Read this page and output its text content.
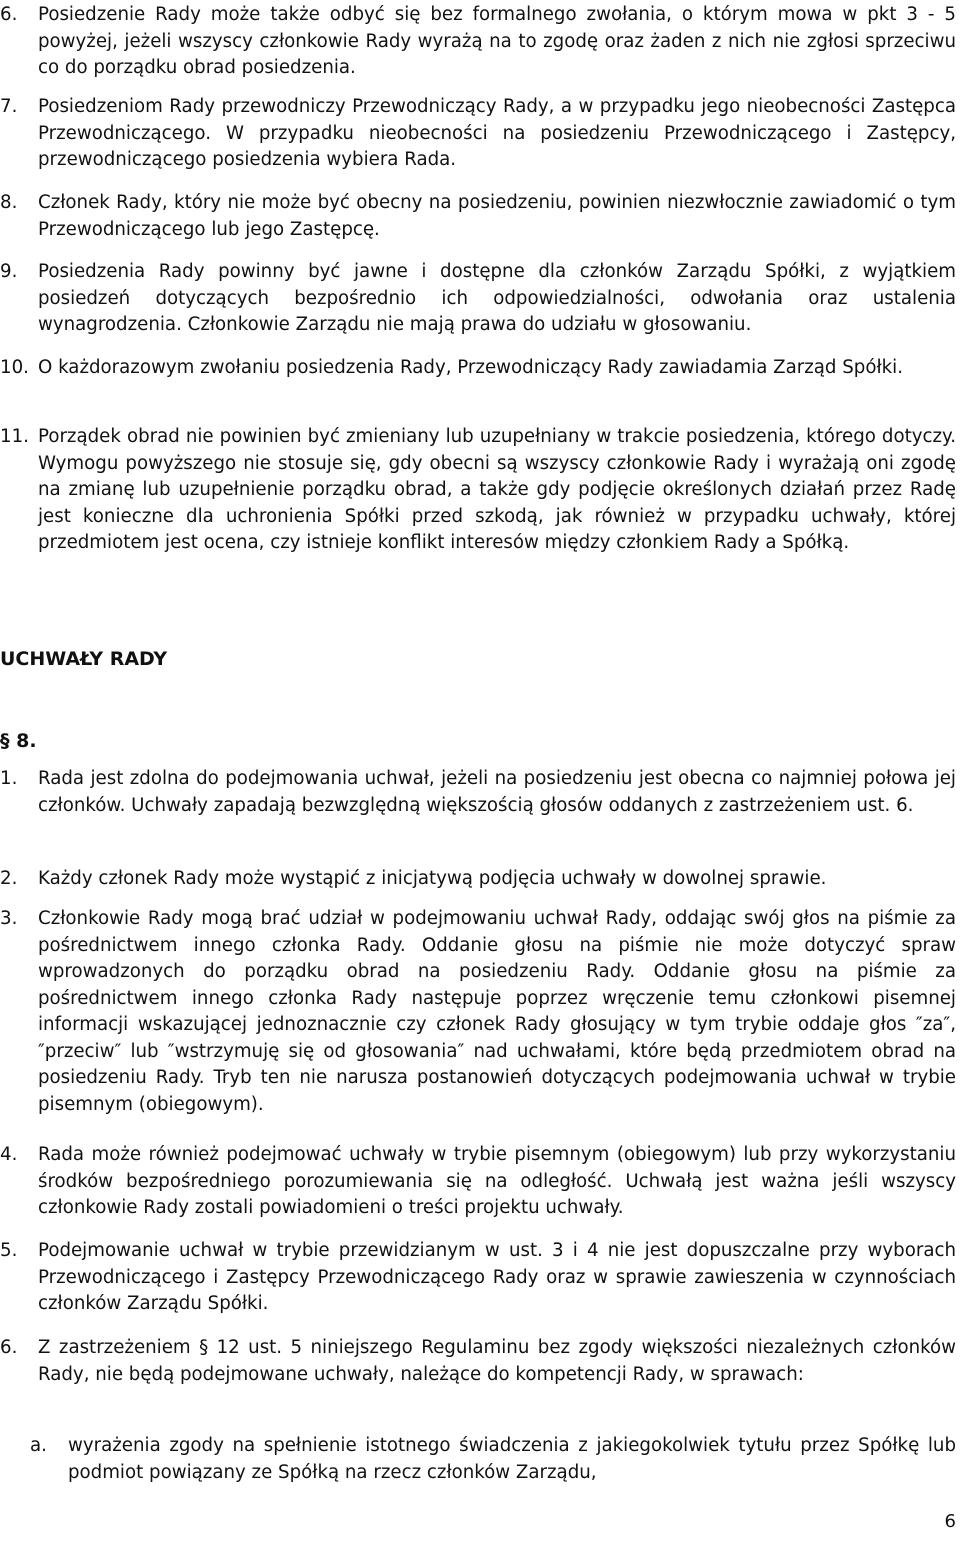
6.	Posiedzenie Rady może także odbyć się bez formalnego zwołania, o którym mowa w pkt 3 - 5 powyżej, jeżeli wszyscy członkowie Rady wyrażą na to zgodę oraz żaden z nich nie zgłosi sprzeciwu co do porządku obrad posiedzenia.
7.	Posiedzeniom Rady przewodniczy Przewodniczący Rady, a w przypadku jego nieobecności Zastępca Przewodniczącego. W przypadku nieobecności na posiedzeniu Przewodniczącego i Zastępcy, przewodniczącego posiedzenia wybiera Rada.
8.	Członek Rady, który nie może być obecny na posiedzeniu, powinien niezwłocznie zawiadomić o tym Przewodniczącego lub jego Zastępcę.
9.	Posiedzenia Rady powinny być jawne i dostępne dla członków Zarządu Spółki, z wyjątkiem posiedzeń dotyczących bezpośrednio ich odpowiedzialności, odwołania oraz ustalenia wynagrodzenia. Członkowie Zarządu nie mają prawa do udziału w głosowaniu.
10. O każdorazowym zwołaniu posiedzenia Rady, Przewodniczący Rady zawiadamia Zarząd Spółki.
11. Porządek obrad nie powinien być zmieniany lub uzupełniany w trakcie posiedzenia, którego dotyczy. Wymogu powyższego nie stosuje się, gdy obecni są wszyscy członkowie Rady i wyrażają oni zgodę na zmianę lub uzupełnienie porządku obrad, a także gdy podjęcie określonych działań przez Radę jest konieczne dla uchronienia Spółki przed szkodą, jak również w przypadku uchwały, której przedmiotem jest ocena, czy istnieje konflikt interesów między członkiem Rady a Spółką.
UCHWAŁY RADY
§ 8.
1.	Rada jest zdolna do podejmowania uchwał, jeżeli na posiedzeniu jest obecna co najmniej połowa jej członków. Uchwały zapadają bezwzględną większością głosów oddanych z zastrzeżeniem ust. 6.
2.	Każdy członek Rady może wystąpić z inicjatywą podjęcia uchwały w dowolnej sprawie.
3.	Członkowie Rady mogą brać udział w podejmowaniu uchwał Rady, oddając swój głos na piśmie za pośrednictwem innego członka Rady. Oddanie głosu na piśmie nie może dotyczyć spraw wprowadzonych do porządku obrad na posiedzeniu Rady. Oddanie głosu na piśmie za pośrednictwem innego członka Rady następuje poprzez wręczenie temu członkowi pisemnej informacji wskazującej jednoznacznie czy członek Rady głosujący w tym trybie oddaje głos ″za″, ″przeciw″ lub ″wstrzymuję się od głosowania″ nad uchwałami, które będą przedmiotem obrad na posiedzeniu Rady. Tryb ten nie narusza postanowień dotyczących podejmowania uchwał w trybie pisemnym (obiegowym).
4.	Rada może również podejmować uchwały w trybie pisemnym (obiegowym) lub przy wykorzystaniu środków bezpośredniego porozumiewania się na odległość. Uchwałą jest ważna jeśli wszyscy członkowie Rady zostali powiadomieni o treści projektu uchwały.
5.	Podejmowanie uchwał w trybie przewidzianym w ust. 3 i 4 nie jest dopuszczalne przy wyborach Przewodniczącego i Zastępcy Przewodniczącego Rady oraz w sprawie zawieszenia w czynnościach członków Zarządu Spółki.
6.	Z zastrzeżeniem § 12 ust. 5 niniejszego Regulaminu bez zgody większości niezależnych członków Rady, nie będą podejmowane uchwały, należące do kompetencji Rady, w sprawach:
a.	wyrażenia zgody na spełnienie istotnego świadczenia z jakiegokolwiek tytułu przez Spółkę lub podmiot powiązany ze Spółką na rzecz członków Zarządu,
6
